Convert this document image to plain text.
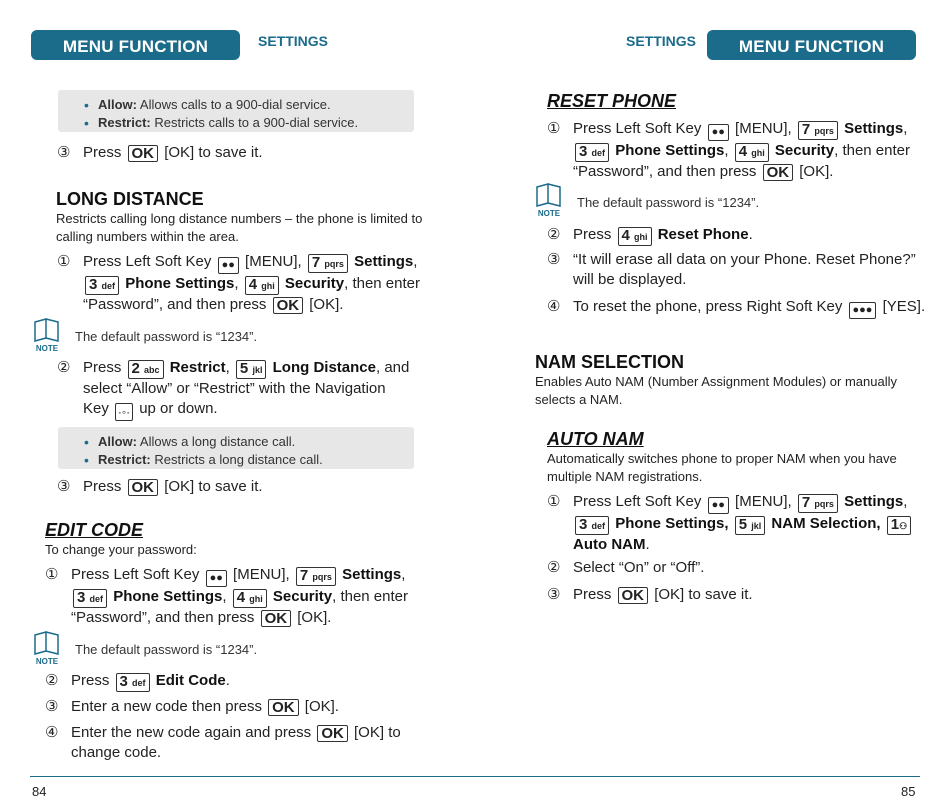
MENU FUNCTION	SETTINGS
• Allow: Allows calls to a 900-dial service.
• Restrict: Restricts calls to a 900-dial service.
③ Press OK [OK] to save it.
LONG DISTANCE
Restricts calling long distance numbers – the phone is limited to
calling numbers within the area.
① Press Left Soft Key ●● [MENU], 7 pqrs Settings,
3 def Phone Settings, 4 ghi Security, then enter
“Password”, and then press OK [OK].
NOTE
The default password is “1234”.
② Press 2 abc Restrict, 5 jkl Long Distance, and
select “Allow” or “Restrict” with the Navigation
Key ·◦· up or down.
• Allow: Allows a long distance call.
• Restrict: Restricts a long distance call.
③ Press OK [OK] to save it.
EDIT CODE
To change your password:
① Press Left Soft Key ●● [MENU], 7 pqrs Settings,
3 def Phone Settings, 4 ghi Security, then enter
“Password”, and then press OK [OK].
NOTE
The default password is “1234”.
② Press 3 def Edit Code.
③ Enter a new code then press OK [OK].
④ Enter the new code again and press OK [OK] to
change code.
84
SETTINGS	MENU FUNCTION
RESET PHONE
① Press Left Soft Key ●● [MENU], 7 pqrs Settings,
3 def Phone Settings, 4 ghi Security, then enter
“Password”, and then press OK [OK].
NOTE
The default password is “1234”.
② Press 4 ghi Reset Phone.
③ “It will erase all data on your Phone. Reset Phone?”
will be displayed.
④ To reset the phone, press Right Soft Key ●●● [YES].
NAM SELECTION
Enables Auto NAM (Number Assignment Modules) or manually
selects a NAM.
AUTO NAM
Automatically switches phone to proper NAM when you have
multiple NAM registrations.
① Press Left Soft Key ●● [MENU], 7 pqrs Settings,
3 def Phone Settings, 5 jkl NAM Selection, 1⚇
Auto NAM.
② Select “On” or “Off”.
③ Press OK [OK] to save it.
85
